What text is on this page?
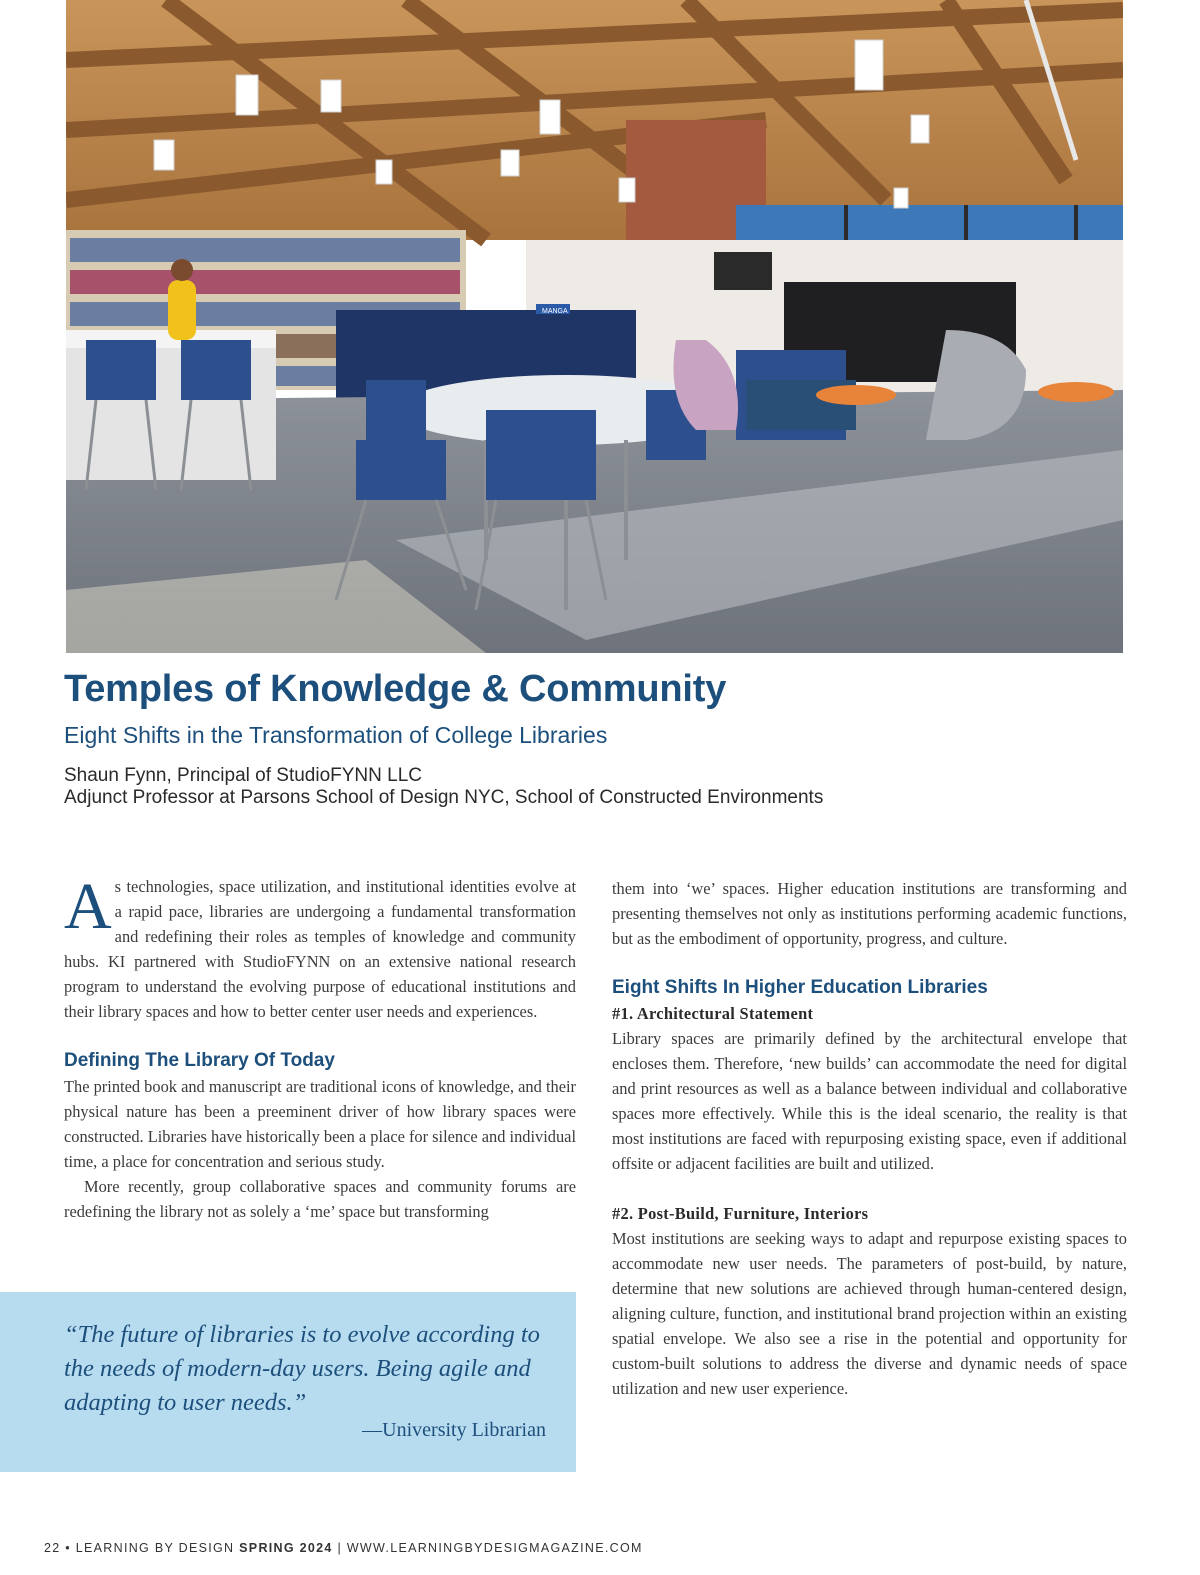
MANGA
Temples of Knowledge & Community
Eight Shifts in the Transformation of College Libraries
Shaun Fynn, Principal of StudioFYNN LLC
Adjunct Professor at Parsons School of Design NYC, School of Constructed Environments

As technologies, space utilization, and institutional identities evolve at a rapid pace, libraries are undergoing a fundamental transformation and redefining their roles as temples of knowledge and community hubs. KI partnered with StudioFYNN on an extensive national research program to understand the evolving purpose of educational institutions and their library spaces and how to better center user needs and experiences.

Defining The Library Of Today

The printed book and manuscript are traditional icons of knowledge, and their physical nature has been a preeminent driver of how library spaces were constructed. Libraries have historically been a place for silence and individual time, a place for concentration and serious study.

More recently, group collaborative spaces and community forums are redefining the library not as solely a ‘me’ space but transforming

“The future of libraries is to evolve according to the needs of modern-day users. Being agile and adapting to user needs.”
—University Librarian

them into ‘we’ spaces. Higher education institutions are transforming and presenting themselves not only as institutions performing academic functions, but as the embodiment of opportunity, progress, and culture.

Eight Shifts In Higher Education Libraries
#1. Architectural Statement

Library spaces are primarily defined by the architectural envelope that encloses them. Therefore, ‘new builds’ can accommodate the need for digital and print resources as well as a balance between individual and collaborative spaces more effectively. While this is the ideal scenario, the reality is that most institutions are faced with repurposing existing space, even if additional offsite or adjacent facilities are built and utilized.

#2. Post-Build, Furniture, Interiors

Most institutions are seeking ways to adapt and repurpose existing spaces to accommodate new user needs. The parameters of post-build, by nature, determine that new solutions are achieved through human-centered design, aligning culture, function, and institutional brand projection within an existing spatial envelope. We also see a rise in the potential and opportunity for custom-built solutions to address the diverse and dynamic needs of space utilization and new user experience.

22 • LEARNING BY DESIGN SPRING 2024 | WWW.LEARNINGBYDESIGMAGAZINE.COM
